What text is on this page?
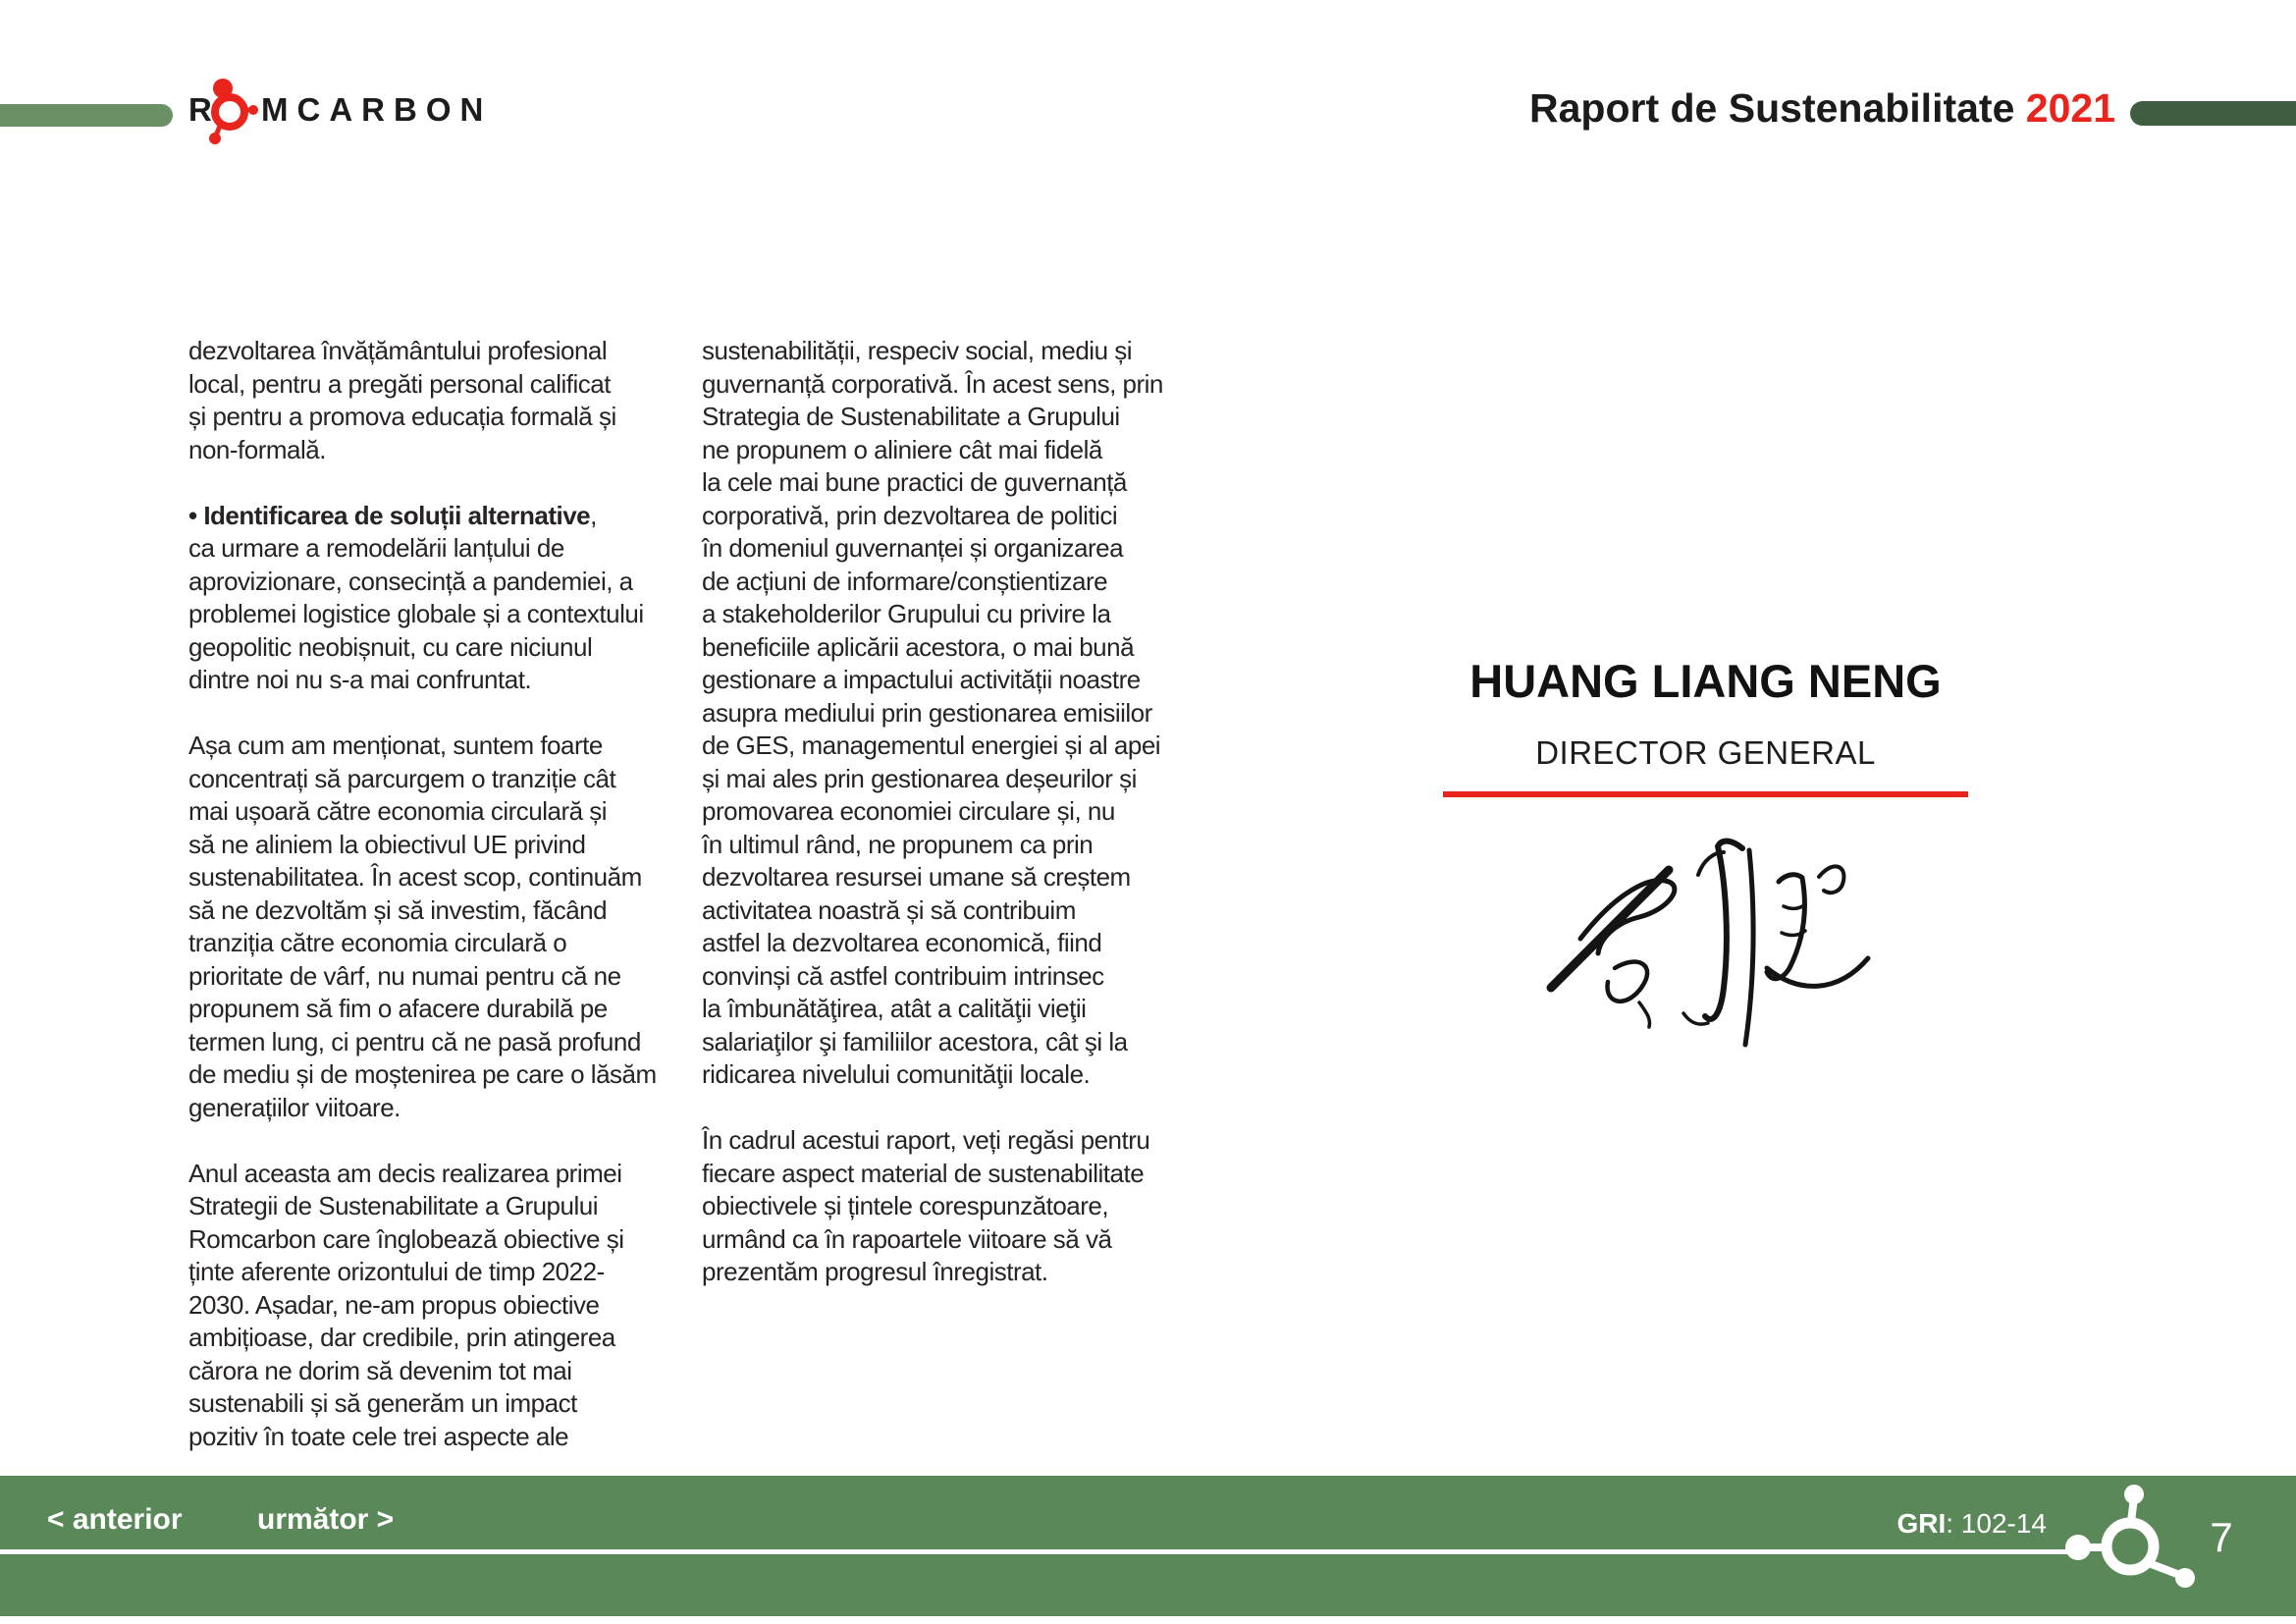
R MCARBON	Raport de Sustenabilitate 2021
dezvoltarea învățământului profesional
local, pentru a pregăti personal calificat
și pentru a promova educația formală și
non-formală.
• Identificarea de soluții alternative,
ca urmare a remodelării lanțului de
aprovizionare, consecință a pandemiei, a
problemei logistice globale și a contextului
geopolitic neobișnuit, cu care niciunul
dintre noi nu s-a mai confruntat.
Așa cum am menționat, suntem foarte
concentrați să parcurgem o tranziție cât
mai ușoară către economia circulară și
să ne aliniem la obiectivul UE privind
sustenabilitatea. În acest scop, continuăm
să ne dezvoltăm și să investim, făcând
tranziția către economia circulară o
prioritate de vârf, nu numai pentru că ne
propunem să fim o afacere durabilă pe
termen lung, ci pentru că ne pasă profund
de mediu și de moștenirea pe care o lăsăm
generațiilor viitoare.
Anul aceasta am decis realizarea primei
Strategii de Sustenabilitate a Grupului
Romcarbon care înglobează obiective și
ținte aferente orizontului de timp 2022-
2030. Așadar, ne-am propus obiective
ambițioase, dar credibile, prin atingerea
cărora ne dorim să devenim tot mai
sustenabili și să generăm un impact
pozitiv în toate cele trei aspecte ale
sustenabilității, respeciv social, mediu și
guvernanță corporativă. În acest sens, prin
Strategia de Sustenabilitate a Grupului
ne propunem o aliniere cât mai fidelă
la cele mai bune practici de guvernanță
corporativă, prin dezvoltarea de politici
în domeniul guvernanței și organizarea
de acțiuni de informare/conștientizare
a stakeholderilor Grupului cu privire la
beneficiile aplicării acestora, o mai bună
gestionare a impactului activității noastre
asupra mediului prin gestionarea emisiilor
de GES, managementul energiei și al apei
și mai ales prin gestionarea deșeurilor și
promovarea economiei circulare și, nu
în ultimul rând, ne propunem ca prin
dezvoltarea resursei umane să creștem
activitatea noastră și să contribuim
astfel la dezvoltarea economică, fiind
convinși că astfel contribuim intrinsec
la îmbunătăţirea, atât a calităţii vieţii
salariaţilor şi familiilor acestora, cât şi la
ridicarea nivelului comunităţii locale.
În cadrul acestui raport, veți regăsi pentru
fiecare aspect material de sustenabilitate
obiectivele și țintele corespunzătoare,
urmând ca în rapoartele viitoare să vă
prezentăm progresul înregistrat.
HUANG LIANG NENG
DIRECTOR GENERAL
< anterior	următor >	GRI: 102-14	7
